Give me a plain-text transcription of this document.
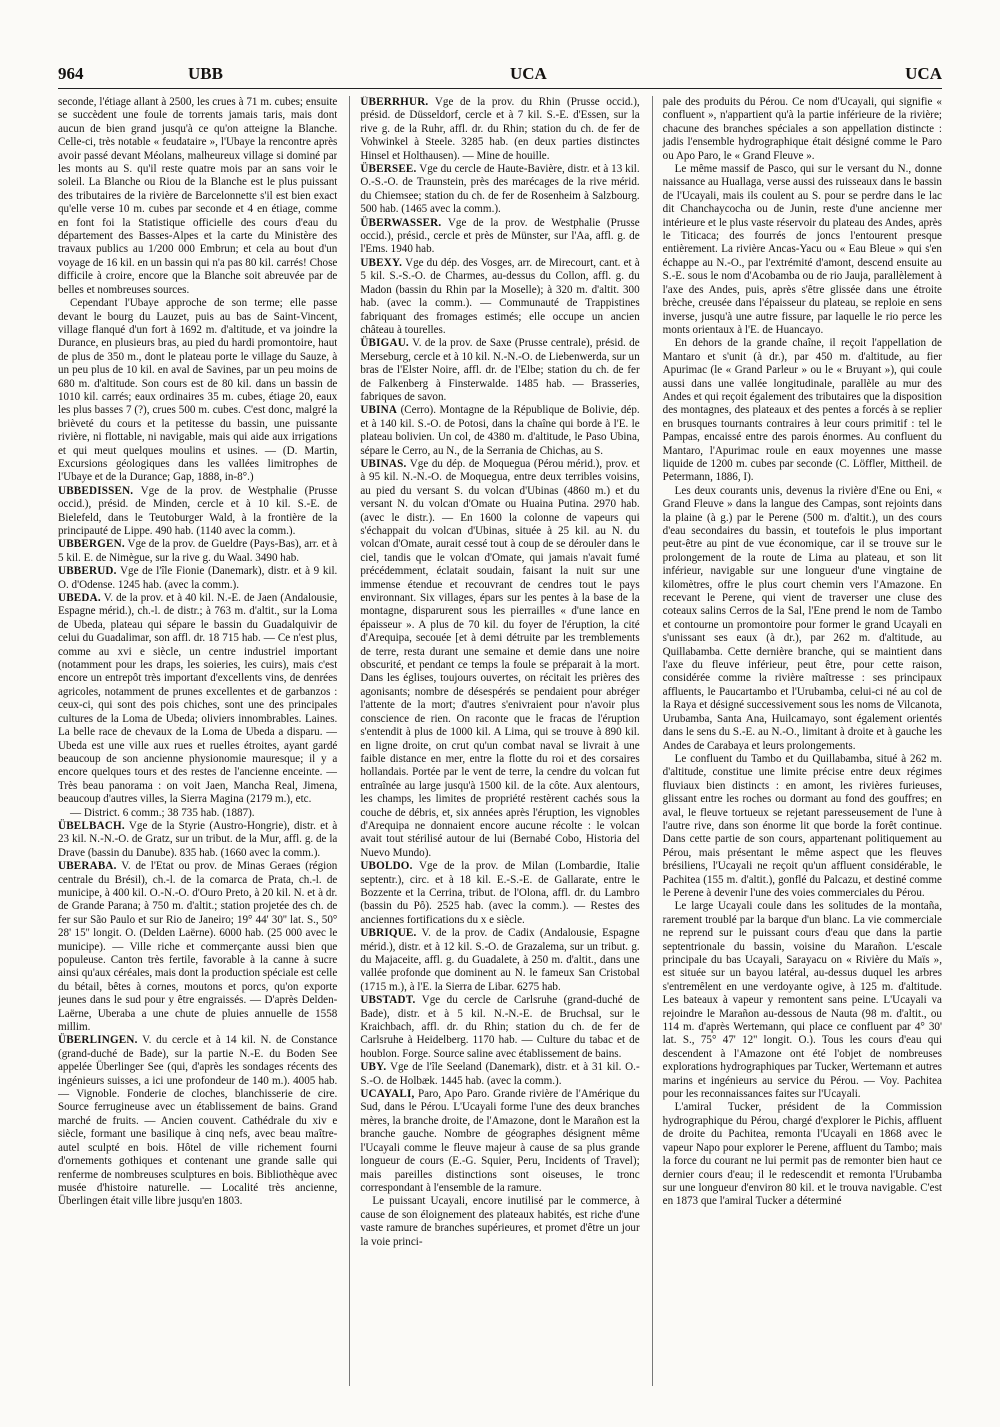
964	UBB	UCA	UCA

seconde, l'étiage allant à 2500, les crues à 71 m. cubes; ensuite se succèdent une foule de torrents jamais taris, mais dont aucun de bien grand jusqu'à ce qu'on atteigne la Blanche. Celle-ci, très notable « feudataire », l'Ubaye la rencontre après avoir passé devant Méolans, malheureux village si dominé par les monts au S. qu'il reste quatre mois par an sans voir le soleil. La Blanche ou Riou de la Blanche est le plus puissant des tributaires de la rivière de Barcelonnette s'il est bien exact qu'elle verse 10 m. cubes par seconde et 4 en étiage, comme en font foi la Statistique officielle des cours d'eau du département des Basses-Alpes et la carte du Ministère des travaux publics au 1/200 000 Embrun; et cela au bout d'un voyage de 16 kil. en un bassin qui n'a pas 80 kil. carrés! Chose difficile à croire, encore que la Blanche soit abreuvée par de belles et nombreuses sources.

Cependant l'Ubaye approche de son terme; elle passe devant le bourg du Lauzet, puis au bas de Saint-Vincent, village flanqué d'un fort à 1692 m. d'altitude, et va joindre la Durance, en plusieurs bras, au pied du hardi promontoire, haut de plus de 350 m., dont le plateau porte le village du Sauze, à un peu plus de 10 kil. en aval de Savines, par un peu moins de 680 m. d'altitude. Son cours est de 80 kil. dans un bassin de 1010 kil. carrés; eaux ordinaires 35 m. cubes, étiage 20, eaux les plus basses 7 (?), crues 500 m. cubes. C'est donc, malgré la brièveté du cours et la petitesse du bassin, une puissante rivière, ni flottable, ni navigable, mais qui aide aux irrigations et qui meut quelques moulins et usines. — (D. Martin, Excursions géologiques dans les vallées limitrophes de l'Ubaye et de la Durance; Gap, 1888, in-8°.)

UBBEDISSEN. Vge de la prov. de Westphalie (Prusse occid.), présid. de Minden, cercle et à 10 kil. S.-E. de Bielefeld, dans le Teutoburger Wald, à la frontière de la principauté de Lippe. 490 hab. (1140 avec la comm.).

UBBERGEN. Vge de la prov. de Gueldre (Pays-Bas), arr. et à 5 kil. E. de Nimègue, sur la rive g. du Waal. 3490 hab.

UBBERUD. Vge de l'île Fionie (Danemark), distr. et à 9 kil. O. d'Odense. 1245 hab. (avec la comm.).

UBEDA. V. de la prov. et à 40 kil. N.-E. de Jaen (Andalousie, Espagne mérid.), ch.-l. de distr.; à 763 m. d'altit., sur la Loma de Ubeda, plateau qui sépare le bassin du Guadalquivir de celui du Guadalimar, son affl. dr. 18 715 hab. — Ce n'est plus, comme au xvi e siècle, un centre industriel important (notamment pour les draps, les soieries, les cuirs), mais c'est encore un entrepôt très important d'excellents vins, de denrées agricoles, notamment de prunes excellentes et de garbanzos : ceux-ci, qui sont des pois chiches, sont une des principales cultures de la Loma de Ubeda; oliviers innombrables. Laines. La belle race de chevaux de la Loma de Ubeda a disparu. — Ubeda est une ville aux rues et ruelles étroites, ayant gardé beaucoup de son ancienne physionomie mauresque; il y a encore quelques tours et des restes de l'ancienne enceinte. — Très beau panorama : on voit Jaen, Mancha Real, Jimena, beaucoup d'autres villes, la Sierra Magina (2179 m.), etc.

— District. 6 comm.; 38 735 hab. (1887).

ÜBELBACH. Vge de la Styrie (Austro-Hongrie), distr. et à 23 kil. N.-N.-O. de Gratz, sur un tribut. de la Mur, affl. g. de la Drave (bassin du Danube). 835 hab. (1660 avec la comm.).

UBERABA. V. de l'Etat ou prov. de Minas Geraes (région centrale du Brésil), ch.-l. de la comarca de Prata, ch.-l. de municipe, à 400 kil. O.-N.-O. d'Ouro Preto, à 20 kil. N. et à dr. de Grande Parana; à 750 m. d'altit.; station projetée des ch. de fer sur São Paulo et sur Rio de Janeiro; 19° 44' 30'' lat. S., 50° 28' 15'' longit. O. (Delden Laërne). 6000 hab. (25 000 avec le municipe). — Ville riche et commerçante aussi bien que populeuse. Canton très fertile, favorable à la canne à sucre ainsi qu'aux céréales, mais dont la production spéciale est celle du bétail, bêtes à cornes, moutons et porcs, qu'on exporte jeunes dans le sud pour y être engraissés. — D'après Delden-Laërne, Uberaba a une chute de pluies annuelle de 1558 millim.

ÜBERLINGEN. V. du cercle et à 14 kil. N. de Constance (grand-duché de Bade), sur la partie N.-E. du Boden See appelée Überlinger See (qui, d'après les sondages récents des ingénieurs suisses, a ici une profondeur de 140 m.). 4005 hab. — Vignoble. Fonderie de cloches, blanchisserie de cire. Source ferrugineuse avec un établissement de bains. Grand marché de fruits. — Ancien couvent. Cathédrale du xiv e siècle, formant une basilique à cinq nefs, avec beau maître-autel sculpté en bois. Hôtel de ville richement fourni d'ornements gothiques et contenant une grande salle qui renferme de nombreuses sculptures en bois. Bibliothèque avec musée d'histoire naturelle. — Localité très ancienne, Überlingen était ville libre jusqu'en 1803.

ÜBERRHUR. Vge de la prov. du Rhin (Prusse occid.), présid. de Düsseldorf, cercle et à 7 kil. S.-E. d'Essen, sur la rive g. de la Ruhr, affl. dr. du Rhin; station du ch. de fer de Vohwinkel à Steele. 3285 hab. (en deux parties distinctes Hinsel et Holthausen). — Mine de houille.

ÜBERSEE. Vge du cercle de Haute-Bavière, distr. et à 13 kil. O.-S.-O. de Traunstein, près des marécages de la rive mérid. du Chiemsee; station du ch. de fer de Rosenheim à Salzbourg. 500 hab. (1465 avec la comm.).

ÜBERWASSER. Vge de la prov. de Westphalie (Prusse occid.), présid., cercle et près de Münster, sur l'Aa, affl. g. de l'Ems. 1940 hab.

UBEXY. Vge du dép. des Vosges, arr. de Mirecourt, cant. et à 5 kil. S.-S.-O. de Charmes, au-dessus du Collon, affl. g. du Madon (bassin du Rhin par la Moselle); à 320 m. d'altit. 300 hab. (avec la comm.). — Communauté de Trappistines fabriquant des fromages estimés; elle occupe un ancien château à tourelles.

ÜBIGAU. V. de la prov. de Saxe (Prusse centrale), présid. de Merseburg, cercle et à 10 kil. N.-N.-O. de Liebenwerda, sur un bras de l'Elster Noire, affl. dr. de l'Elbe; station du ch. de fer de Falkenberg à Finsterwalde. 1485 hab. — Brasseries, fabriques de savon.

UBINA (Cerro). Montagne de la République de Bolivie, dép. et à 140 kil. S.-O. de Potosi, dans la chaîne qui borde à l'E. le plateau bolivien. Un col, de 4380 m. d'altitude, le Paso Ubina, sépare le Cerro, au N., de la Serrania de Chichas, au S.

UBINAS. Vge du dép. de Moquegua (Pérou mérid.), prov. et à 95 kil. N.-N.-O. de Moquegua, entre deux terribles voisins, au pied du versant S. du volcan d'Ubinas (4860 m.) et du versant N. du volcan d'Omate ou Huaina Putina. 2970 hab. (avec le distr.). — En 1600 la colonne de vapeurs qui s'échappait du volcan d'Ubinas, située à 25 kil. au N. du volcan d'Omate, aurait cessé tout à coup de se dérouler dans le ciel, tandis que le volcan d'Omate, qui jamais n'avait fumé précédemment, éclatait soudain, faisant la nuit sur une immense étendue et recouvrant de cendres tout le pays environnant. Six villages, épars sur les pentes à la base de la montagne, disparurent sous les pierrailles « d'une lance en épaisseur ». A plus de 70 kil. du foyer de l'éruption, la cité d'Arequipa, secouée [et à demi détruite par les tremblements de terre, resta durant une semaine et demie dans une noire obscurité, et pendant ce temps la foule se préparait à la mort. Dans les églises, toujours ouvertes, on récitait les prières des agonisants; nombre de désespérés se pendaient pour abréger l'attente de la mort; d'autres s'enivraient pour n'avoir plus conscience de rien. On raconte que le fracas de l'éruption s'entendit à plus de 1000 kil. A Lima, qui se trouve à 890 kil. en ligne droite, on crut qu'un combat naval se livrait à une faible distance en mer, entre la flotte du roi et des corsaires hollandais. Portée par le vent de terre, la cendre du volcan fut entraînée au large jusqu'à 1500 kil. de la côte. Aux alentours, les champs, les limites de propriété restèrent cachés sous la couche de débris, et, six années après l'éruption, les vignobles d'Arequipa ne donnaient encore aucune récolte : le volcan avait tout stérilisé autour de lui (Bernabé Cobo, Historia del Nuevo Mundo).

UBOLDO. Vge de la prov. de Milan (Lombardie, Italie septentr.), circ. et à 18 kil. E.-S.-E. de Gallarate, entre le Bozzente et la Cerrina, tribut. de l'Olona, affl. dr. du Lambro (bassin du Pô). 2525 hab. (avec la comm.). — Restes des anciennes fortifications du x e siècle.

UBRIQUE. V. de la prov. de Cadix (Andalousie, Espagne mérid.), distr. et à 12 kil. S.-O. de Grazalema, sur un tribut. g. du Majaceite, affl. g. du Guadalete, à 250 m. d'altit., dans une vallée profonde que dominent au N. le fameux San Cristobal (1715 m.), à l'E. la Sierra de Libar. 6275 hab.

UBSTADT. Vge du cercle de Carlsruhe (grand-duché de Bade), distr. et à 5 kil. N.-N.-E. de Bruchsal, sur le Kraichbach, affl. dr. du Rhin; station du ch. de fer de Carlsruhe à Heidelberg. 1170 hab. — Culture du tabac et de houblon. Forge. Source saline avec établissement de bains.

UBY. Vge de l'île Seeland (Danemark), distr. et à 31 kil. O.-S.-O. de Holbæk. 1445 hab. (avec la comm.).

UCAYALI, Paro, Apo Paro. Grande rivière de l'Amérique du Sud, dans le Pérou. L'Ucayali forme l'une des deux branches mères, la branche droite, de l'Amazone, dont le Marañon est la branche gauche. Nombre de géographes désignent même l'Ucayali comme le fleuve majeur à cause de sa plus grande longueur de cours (E.-G. Squier, Peru, Incidents of Travel); mais pareilles distinctions sont oiseuses, le tronc correspondant à l'ensemble de la ramure.

Le puissant Ucayali, encore inutilisé par le commerce, à cause de son éloignement des plateaux habités, est riche d'une vaste ramure de branches supérieures, et promet d'être un jour la voie princi-

pale des produits du Pérou. Ce nom d'Ucayali, qui signifie « confluent », n'appartient qu'à la partie inférieure de la rivière; chacune des branches spéciales a son appellation distincte : jadis l'ensemble hydrographique était désigné comme le Paro ou Apo Paro, le « Grand Fleuve ».

Le même massif de Pasco, qui sur le versant du N., donne naissance au Huallaga, verse aussi des ruisseaux dans le bassin de l'Ucayali, mais ils coulent au S. pour se perdre dans le lac dit Chanchaycocha ou de Junin, reste d'une ancienne mer intérieure et le plus vaste réservoir du plateau des Andes, après le Titicaca; des fourrés de joncs l'entourent presque entièrement. La rivière Ancas-Yacu ou « Eau Bleue » qui s'en échappe au N.-O., par l'extrémité d'amont, descend ensuite au S.-E. sous le nom d'Acobamba ou de rio Jauja, parallèlement à l'axe des Andes, puis, après s'être glissée dans une étroite brèche, creusée dans l'épaisseur du plateau, se reploie en sens inverse, jusqu'à une autre fissure, par laquelle le rio perce les monts orientaux à l'E. de Huancayo.

En dehors de la grande chaîne, il reçoit l'appellation de Mantaro et s'unit (à dr.), par 450 m. d'altitude, au fier Apurimac (le « Grand Parleur » ou le « Bruyant »), qui coule aussi dans une vallée longitudinale, parallèle au mur des Andes et qui reçoit également des tributaires que la disposition des montagnes, des plateaux et des pentes a forcés à se replier en brusques tournants contraires à leur cours primitif : tel le Pampas, encaissé entre des parois énormes. Au confluent du Mantaro, l'Apurimac roule en eaux moyennes une masse liquide de 1200 m. cubes par seconde (C. Löffler, Mittheil. de Petermann, 1886, I).

Les deux courants unis, devenus la rivière d'Ene ou Eni, « Grand Fleuve » dans la langue des Campas, sont rejoints dans la plaine (à g.) par le Perene (500 m. d'altit.), un des cours d'eau secondaires du bassin, et toutefois le plus important peut-être au pint de vue économique, car il se trouve sur le prolongement de la route de Lima au plateau, et son lit inférieur, navigable sur une longueur d'une vingtaine de kilomètres, offre le plus court chemin vers l'Amazone. En recevant le Perene, qui vient de traverser une cluse des coteaux salins Cerros de la Sal, l'Ene prend le nom de Tambo et contourne un promontoire pour former le grand Ucayali en s'unissant ses eaux (à dr.), par 262 m. d'altitude, au Quillabamba. Cette dernière branche, qui se maintient dans l'axe du fleuve inférieur, peut être, pour cette raison, considérée comme la rivière maîtresse : ses principaux affluents, le Paucartambo et l'Urubamba, celui-ci né au col de la Raya et désigné successivement sous les noms de Vilcanota, Urubamba, Santa Ana, Huilcamayo, sont également orientés dans le sens du S.-E. au N.-O., limitant à droite et à gauche les Andes de Carabaya et leurs prolongements.

Le confluent du Tambo et du Quillabamba, situé à 262 m. d'altitude, constitue une limite précise entre deux régimes fluviaux bien distincts : en amont, les rivières furieuses, glissant entre les roches ou dormant au fond des gouffres; en aval, le fleuve tortueux se rejetant paresseusement de l'une à l'autre rive, dans son énorme lit que borde la forêt continue. Dans cette partie de son cours, appartenant politiquement au Pérou, mais présentant le même aspect que les fleuves brésiliens, l'Ucayali ne reçoit qu'un affluent considérable, le Pachitea (155 m. d'altit.), gonflé du Palcazu, et destiné comme le Perene à devenir l'une des voies commerciales du Pérou.

Le large Ucayali coule dans les solitudes de la montaña, rarement troublé par la barque d'un blanc. La vie commerciale ne reprend sur le puissant cours d'eau que dans la partie septentrionale du bassin, voisine du Marañon. L'escale principale du bas Ucayali, Sarayacu on « Rivière du Maïs », est située sur un bayou latéral, au-dessus duquel les arbres s'entremêlent en une verdoyante ogive, à 125 m. d'altitude. Les bateaux à vapeur y remontent sans peine. L'Ucayali va rejoindre le Marañon au-dessous de Nauta (98 m. d'altit., ou 114 m. d'après Wertemann, qui place ce confluent par 4° 30' lat. S., 75° 47' 12'' longit. O.). Tous les cours d'eau qui descendent à l'Amazone ont été l'objet de nombreuses explorations hydrographiques par Tucker, Wertemann et autres marins et ingénieurs au service du Pérou. — Voy. Pachitea pour les reconnaissances faites sur l'Ucayali.

L'amiral Tucker, président de la Commission hydrographique du Pérou, chargé d'explorer le Pichis, affluent de droite du Pachitea, remonta l'Ucayali en 1868 avec le vapeur Napo pour explorer le Perene, affluent du Tambo; mais la force du courant ne lui permit pas de remonter bien haut ce dernier cours d'eau; il le redescendit et remonta l'Urubamba sur une longueur d'environ 80 kil. et le trouva navigable. C'est en 1873 que l'amiral Tucker a déterminé
